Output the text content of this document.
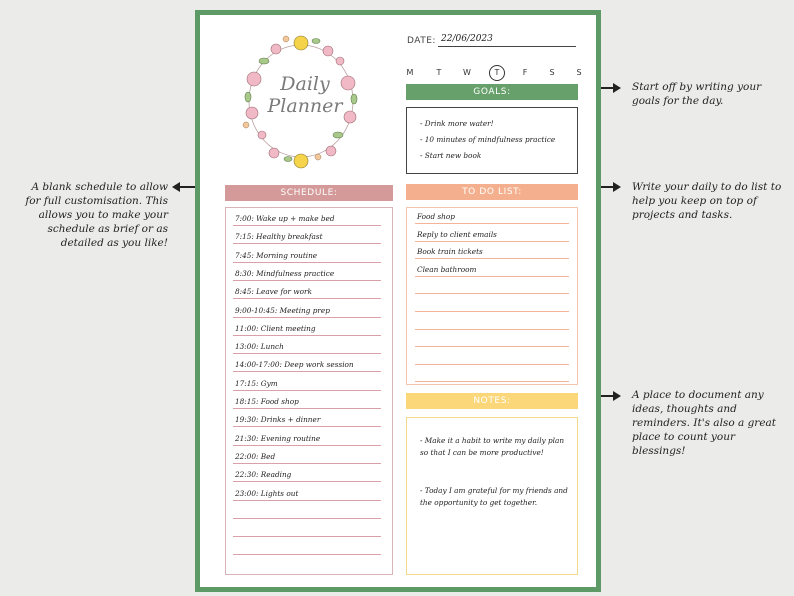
A blank schedule to allow for full customisation. This allows you to make your schedule as brief or as detailed as you like!
Start off by writing your goals for the day.
Write your daily to do list to help you keep on top of projects and tasks.
A place to document any ideas, thoughts and reminders. It's also a great place to count your blessings!
Daily
Planner
DATE: 22/06/2023
GOALS:
SCHEDULE:	TO DO LIST:
NOTES:
- Make it a habit to write my daily plan so that I can be more productive!
- Today I am grateful for my friends and the opportunity to get together.
M	T	W	T	F	S	S
- Drink more water!
- 10 minutes of mindfulness practice
- Start new book
7:00: Wake up + make bed
7:15: Healthy breakfast
7:45: Morning routine
8:30: Mindfulness practice
8:45: Leave for work
9:00-10:45: Meeting prep
11:00: Client meeting
13:00: Lunch
14:00-17:00: Deep work session
17:15: Gym
18:15: Food shop
19:30: Drinks + dinner
21:30: Evening routine
22:00: Bed
22:30: Reading
23:00: Lights out
Food shop
Reply to client emails
Book train tickets
Clean bathroom
